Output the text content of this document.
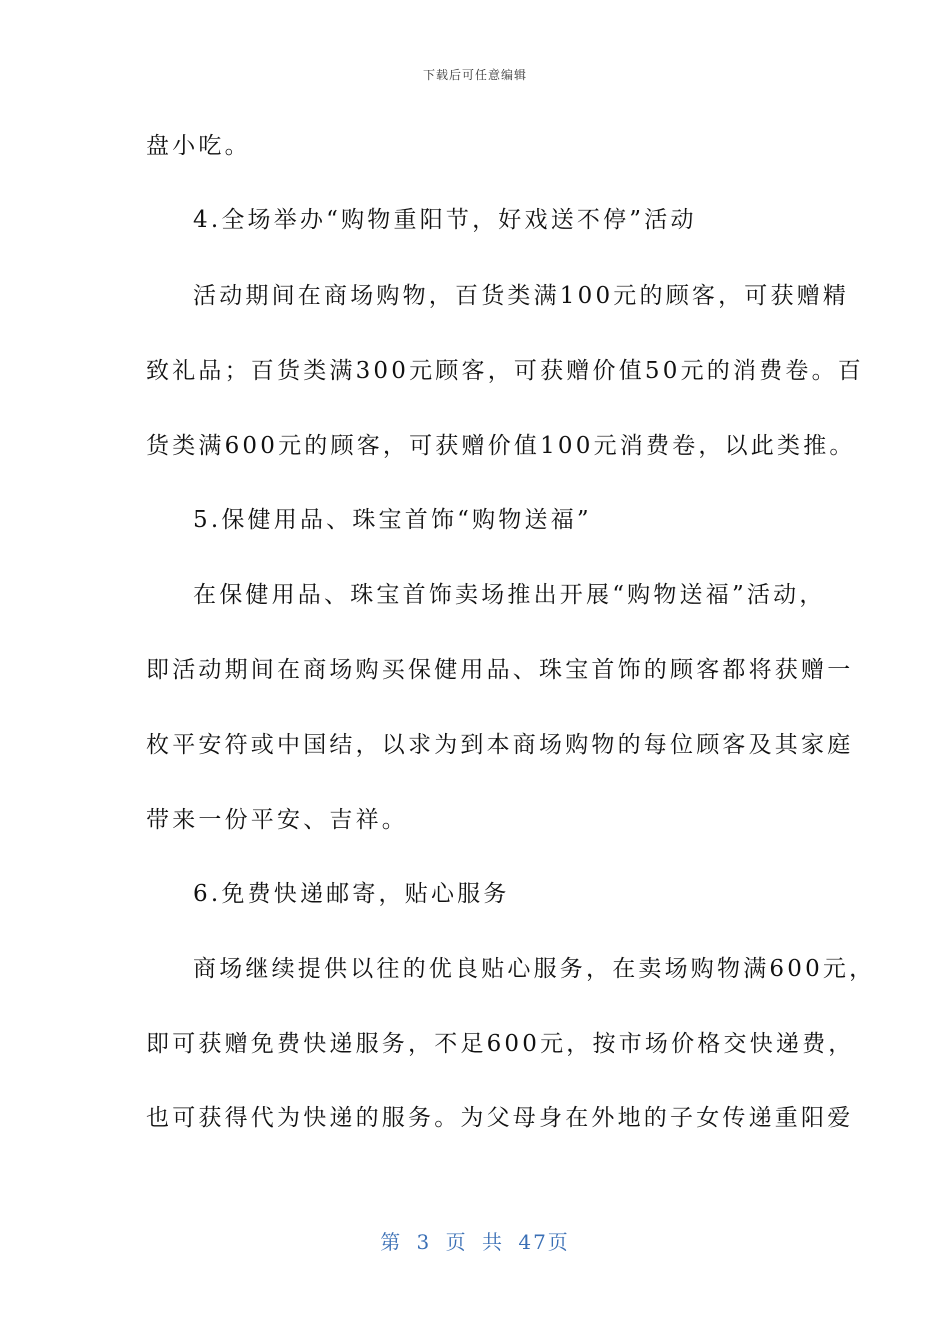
下载后可任意编辑
盘小吃。
4.全场举办“购物重阳节，好戏送不停”活动
活动期间在商场购物，百货类满100元的顾客，可获赠精
致礼品；百货类满300元顾客，可获赠价值50元的消费卷。百
货类满600元的顾客，可获赠价值100元消费卷，以此类推。
5.保健用品、珠宝首饰“购物送福”
在保健用品、珠宝首饰卖场推出开展“购物送福”活动，
即活动期间在商场购买保健用品、珠宝首饰的顾客都将获赠一
枚平安符或中国结，以求为到本商场购物的每位顾客及其家庭
带来一份平安、吉祥。
6.免费快递邮寄，贴心服务
商场继续提供以往的优良贴心服务，在卖场购物满600元，
即可获赠免费快递服务，不足600元，按市场价格交快递费，
也可获得代为快递的服务。为父母身在外地的子女传递重阳爱
第 3 页 共 47页
